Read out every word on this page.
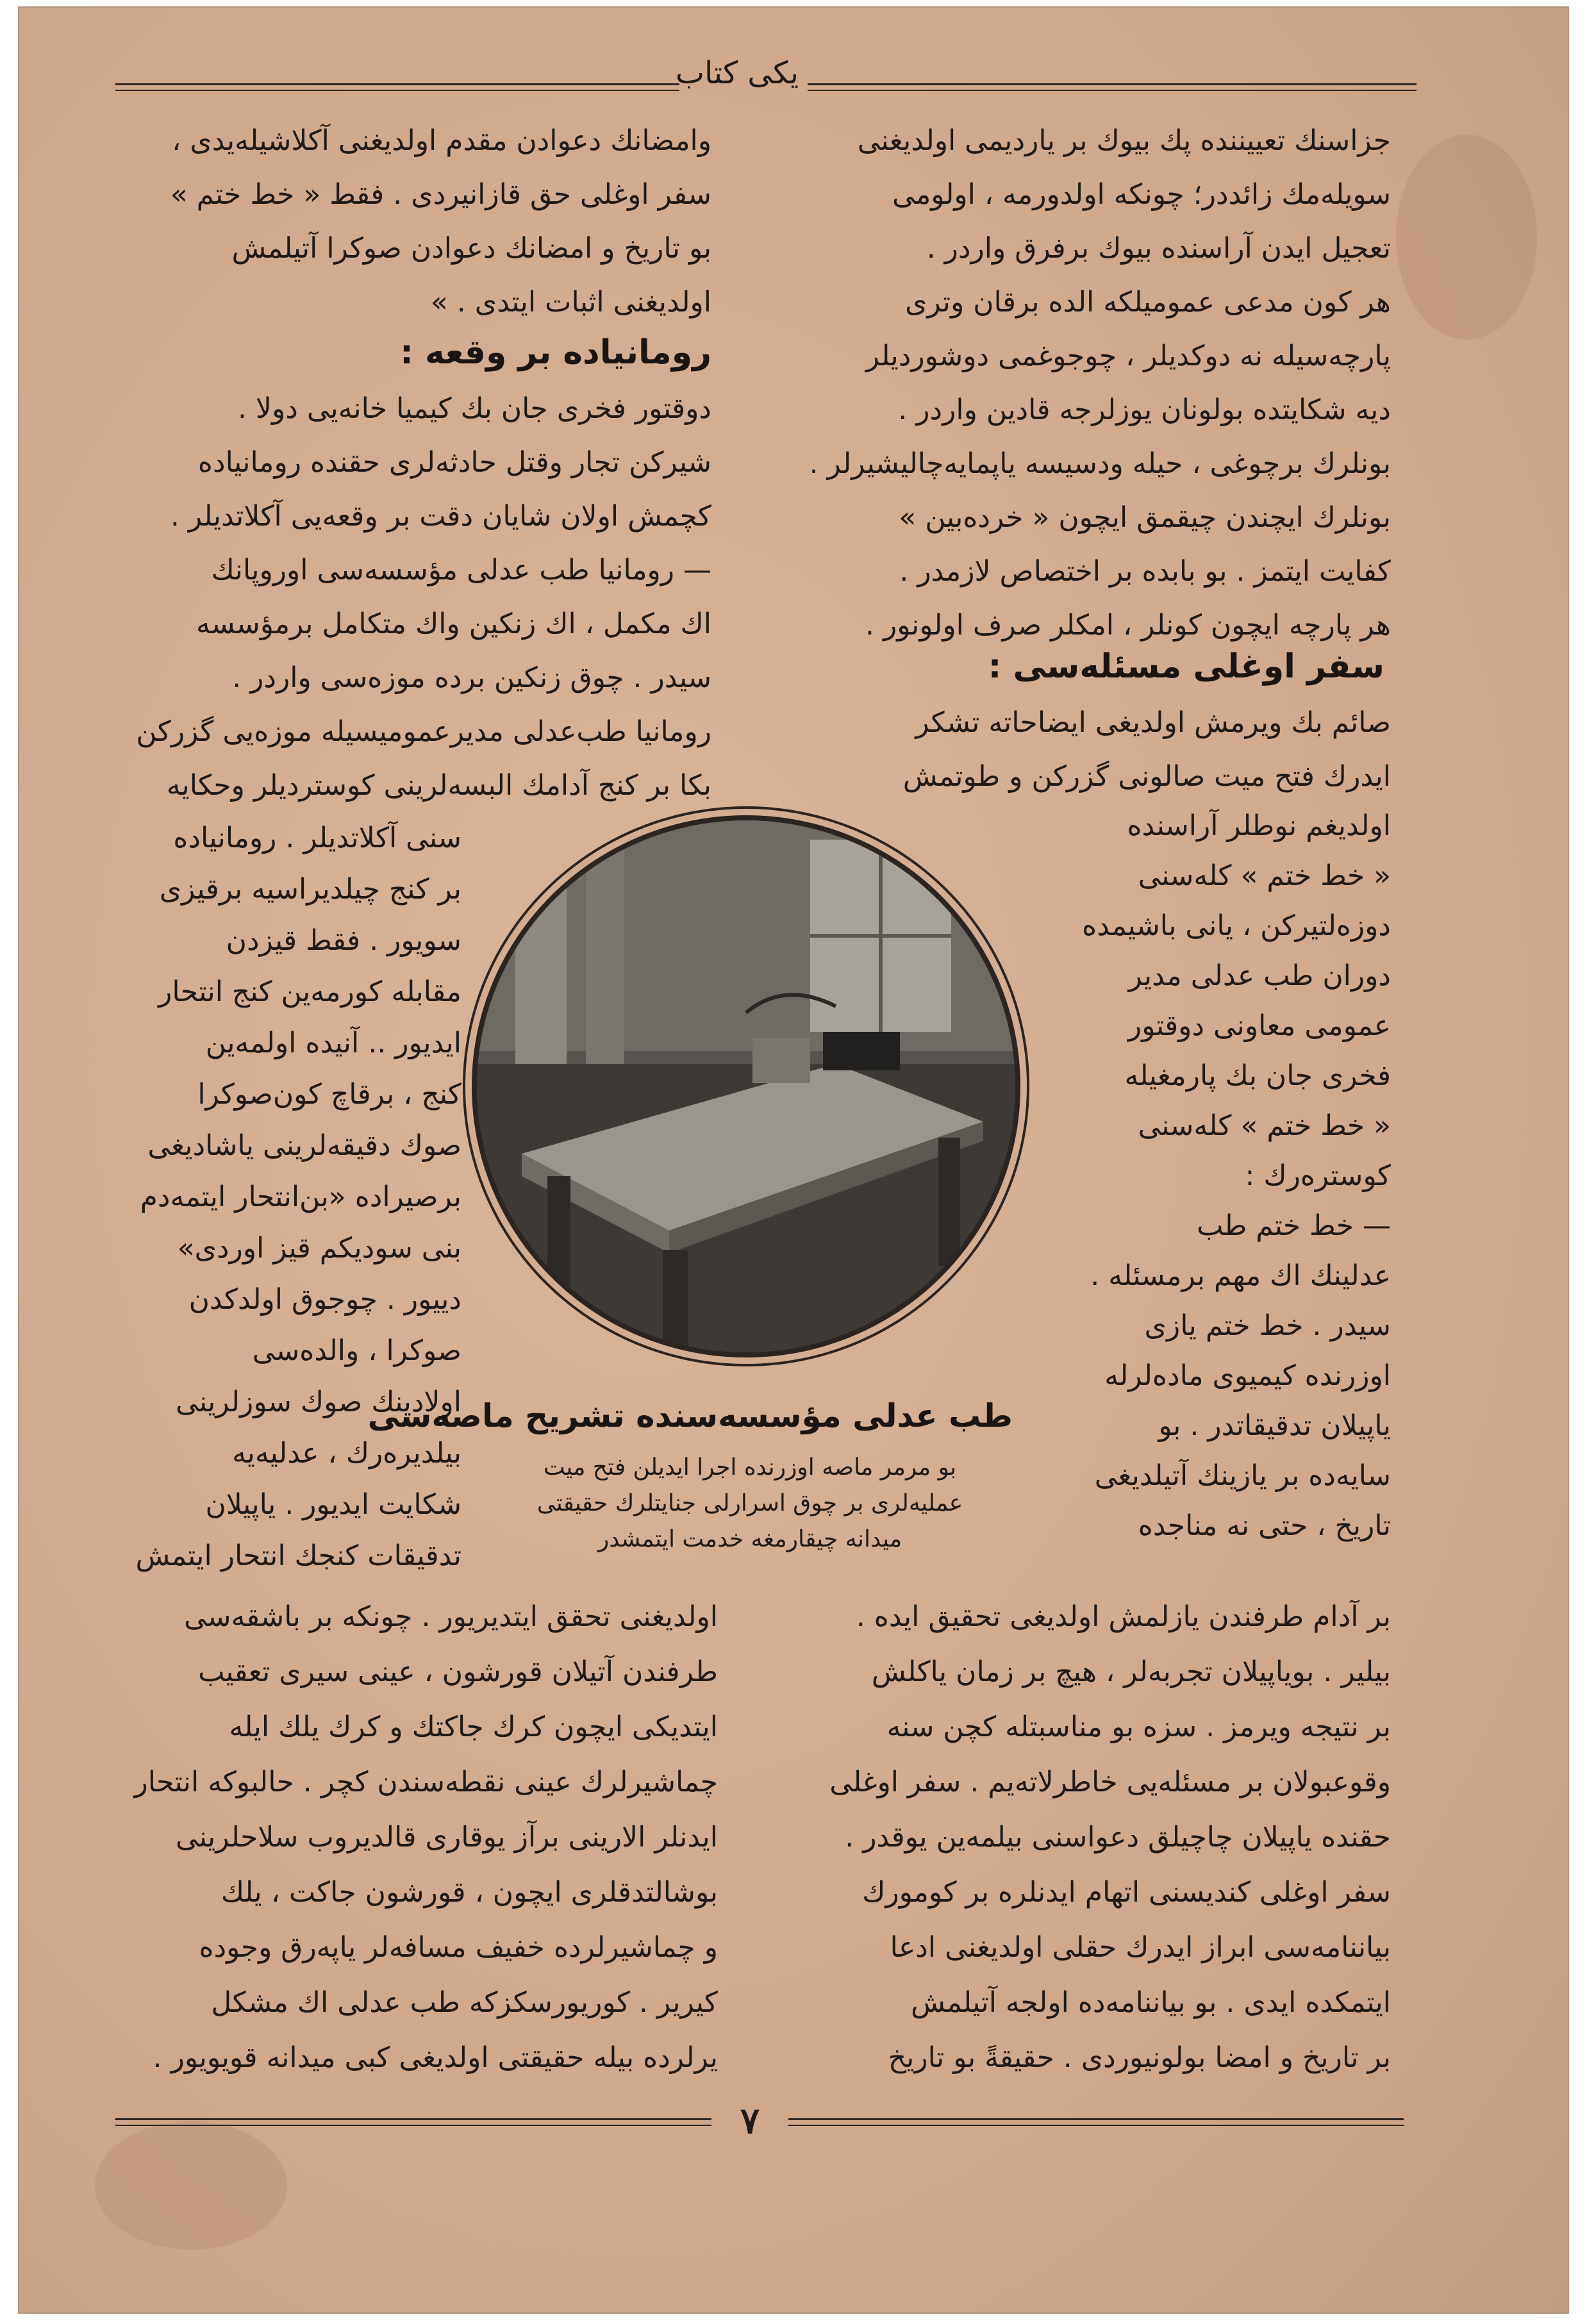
یکی کتاب
وامضانك دعوادن مقدم اولدیغنی آكلاشیله‌یدی ،
سفر اوغلی حق قازانیردی . فقط « خط ختم »
بو تاریخ و امضانك دعوادن صوكرا آتیلمش
اولدیغنی اثبات ایتدی . »
رومانیاده بر وقعه :
دوقتور فخری جان بك كیمیا خانه‌یی دولا .
شیركن تجار وقتل حادثه‌لری حقنده رومانیاده
كچمش اولان شایان دقت بر وقعه‌یی آكلاتدیلر .
— رومانیا طب عدلی مؤسسه‌سی اوروپانك
اك مكمل ، اك زنكین واك متكامل برمؤسسه‌
سیدر . چوق زنكین برده موزه‌سی واردر .
رومانیا طب‌عدلی مدیرعمومیسیله موزه‌یی گزركن
بكا بر كنج آدامك البسه‌لرینی كوستردیلر وحكایه‌
سنی آكلاتدیلر . رومانیاده
بر كنج چیلدیراسیه برقیزی
سویور . فقط قیزدن
مقابله كورمه‌ین كنج انتحار
ایدیور .. آنیده اولمه‌ین
كنج ، برقاچ كون‌صوكرا
صوك دقیقه‌لرینی یاشادیغی
برصیراده «بن‌انتحار ایتمه‌دم
بنی سودیكم قیز اوردی»
دییور . چوجوق اولدكدن
صوكرا ، والده‌سی
اولادینك صوك سوزلرینی
بیلدیرەرك ، عدلیه‌یه
شكایت ایدیور . یاپیلان
تدقیقات كنجك انتحار ایتمش
جزاسنك تعیيننده پك بیوك بر یاردیمی اولدیغنی
سویله‌مك زائددر؛ چونكه اولدورمه ، اولومی
تعجیل ایدن آراسنده بیوك برفرق واردر .
هر كون مدعی عمومیلكه الده برقان وتری
پارچه‌سیله نه دوكدیلر ، چوجوغمی دوشوردیلر
دیه شكایتده بولونان یوزلرجه قادین واردر .
بونلرك برچوغی ، حیله ودسیسه یاپمایه‌چالیشیرلر .
بونلرك ایچندن چیقمق ایچون « خرده‌بین »
كفایت ایتمز . بو بابده بر اختصاص لازمدر .
هر پارچه ایچون كونلر ، امكلر صرف اولونور .
سفر اوغلی مسئله‌سی :
صائم بك ویرمش اولدیغی ایضاحاته تشكر
ایدرك فتح میت صالونی گزركن و طوتمش
اولدیغم نوطلر آراسنده
« خط ختم » كله‌سنی
دوزه‌لتیركن ، یانی باشیمده
دوران طب عدلی مدیر
عمومی معاونی دوقتور
فخری جان بك پارمغیله
« خط ختم » كله‌سنی
كوسترەرك :
— خط ختم طب
عدلینك اك مهم برمسئله .
سیدر . خط ختم یازی
اوزرنده كیمیوی ماده‌لرله
یاپیلان تدقیقاتدر . بو
سایه‌ده بر یازینك آتیلدیغی
تاریخ ، حتی نه مناجده
طب عدلی مؤسسه‌سنده تشریح ماصه‌سی
بو مرمر ماصه اوزرنده اجرا ایدیلن فتح میت
عملیه‌لری بر چوق اسرارلی جنایتلرك حقیقتی
میدانه چیقارمغه خدمت ایتمشدر
اولدیغنی تحقق ایتدیریور . چونكه بر باشقه‌سی
طرفندن آتیلان قورشون ، عینی سیری تعقیب
ایتدیكی ایچون كرك جاكتك و كرك یلك ایله
چماشیرلرك عینی نقطه‌سندن كچر . حالبوكه انتحار
ایدنلر الارینی برآز یوقاری قالدیروب سلاحلرینی
بوشالتدقلری ایچون ، قورشون جاكت ، یلك
و چماشیرلرده خفیف مسافه‌لر یاپه‌رق وجوده
كیریر . كوریورسكزكه طب عدلی اك مشكل
یرلرده بیله حقیقتی اولدیغی كبی میدانه قویویور .
بر آدام طرفندن یازلمش اولدیغی تحقیق ایده .
بیلیر . بویاپیلان تجربه‌لر ، هیچ بر زمان یاكلش
بر نتیجه ویرمز . سزه بو مناسبتله كچن سنه
وقوعبولان بر مسئله‌یی خاطرلاتەیم . سفر اوغلی
حقنده یاپیلان چاچیلق دعواسنی بیلمه‌ین یوقدر .
سفر اوغلی كندیسنی اتهام ایدنلره بر كومورك
بیاننامه‌سی ابراز ایدرك حقلی اولدیغنی ادعا
ایتمكده ایدی . بو بیاننامه‌ده اولجه آتیلمش
بر تاریخ و امضا بولونیوردی . حقیقةً بو تاریخ
۷
